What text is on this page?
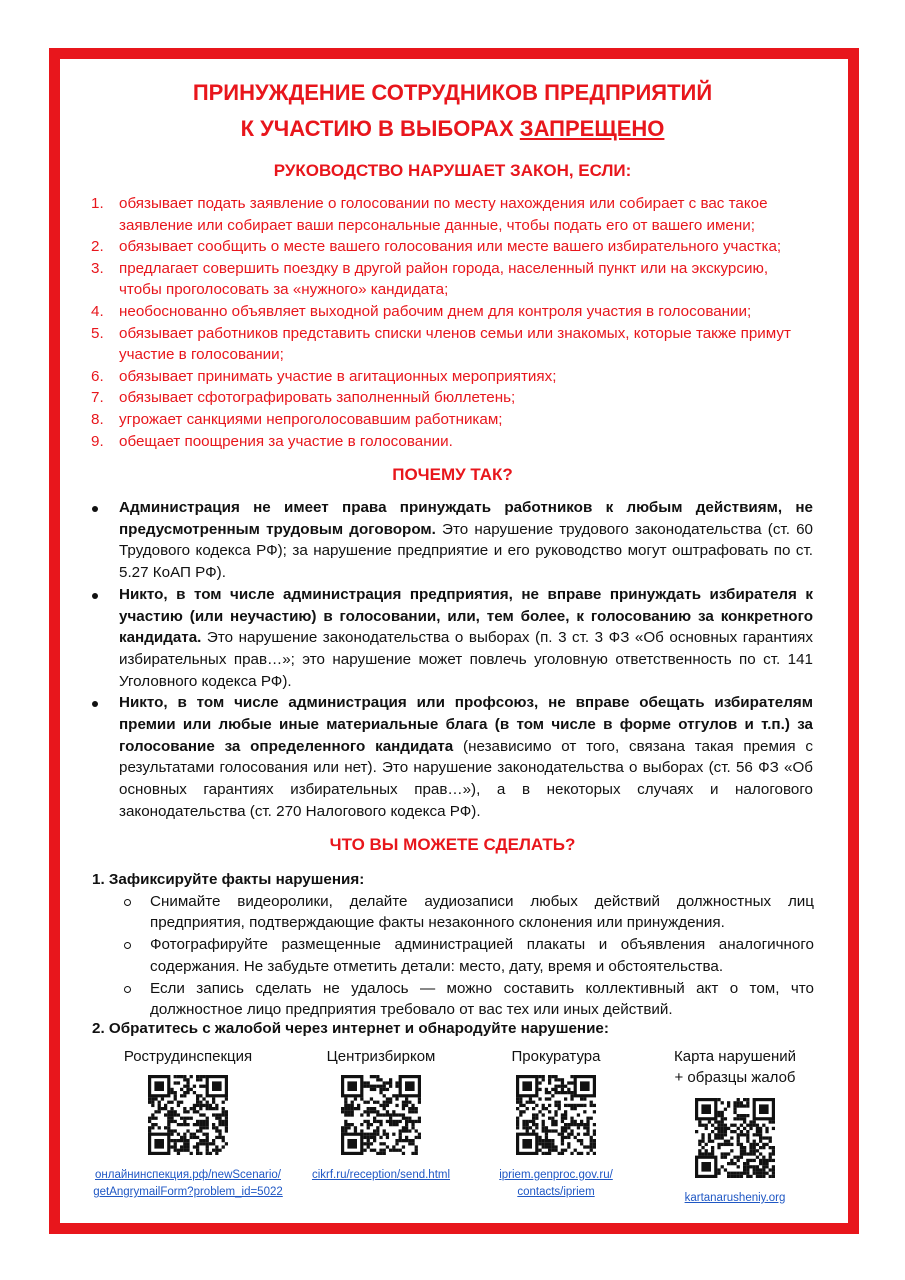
ПРИНУЖДЕНИЕ СОТРУДНИКОВ ПРЕДПРИЯТИЙ
К УЧАСТИЮ В ВЫБОРАХ ЗАПРЕЩЕНО
РУКОВОДСТВО НАРУШАЕТ ЗАКОН, ЕСЛИ:
1. обязывает подать заявление о голосовании по месту нахождения или собирает с вас такое заявление или собирает ваши персональные данные, чтобы подать его от вашего имени;
2. обязывает сообщить о месте вашего голосования или месте вашего избирательного участка;
3. предлагает совершить поездку в другой район города, населенный пункт или на экскурсию, чтобы проголосовать за «нужного» кандидата;
4. необоснованно объявляет выходной рабочим днем для контроля участия в голосовании;
5. обязывает работников представить списки членов семьи или знакомых, которые также примут участие в голосовании;
6. обязывает принимать участие в агитационных мероприятиях;
7. обязывает сфотографировать заполненный бюллетень;
8. угрожает санкциями непроголосовавшим работникам;
9. обещает поощрения за участие в голосовании.
ПОЧЕМУ ТАК?
Администрация не имеет права принуждать работников к любым действиям, не предусмотренным трудовым договором. Это нарушение трудового законодательства (ст. 60 Трудового кодекса РФ); за нарушение предприятие и его руководство могут оштрафовать по ст. 5.27 КоАП РФ).
Никто, в том числе администрация предприятия, не вправе принуждать избирателя к участию (или неучастию) в голосовании, или, тем более, к голосованию за конкретного кандидата. Это нарушение законодательства о выборах (п. 3 ст. 3 ФЗ «Об основных гарантиях избирательных прав…»; это нарушение может повлечь уголовную ответственность по ст. 141 Уголовного кодекса РФ).
Никто, в том числе администрация или профсоюз, не вправе обещать избирателям премии или любые иные материальные блага (в том числе в форме отгулов и т.п.) за голосование за определенного кандидата (независимо от того, связана такая премия с результатами голосования или нет). Это нарушение законодательства о выборах (ст. 56 ФЗ «Об основных гарантиях избирательных прав…»), а в некоторых случаях и налогового законодательства (ст. 270 Налогового кодекса РФ).
ЧТО ВЫ МОЖЕТЕ СДЕЛАТЬ?
1. Зафиксируйте факты нарушения:
Снимайте видеоролики, делайте аудиозаписи любых действий должностных лиц предприятия, подтверждающие факты незаконного склонения или принуждения.
Фотографируйте размещенные администрацией плакаты и объявления аналогичного содержания. Не забудьте отметить детали: место, дату, время и обстоятельства.
Если запись сделать не удалось — можно составить коллективный акт о том, что должностное лицо предприятия требовало от вас тех или иных действий.
2. Обратитесь с жалобой через интернет и обнародуйте нарушение:
Рострудинспекция
онлайнинспекция.рф/newScenario/
getAngrymailForm?problem_id=5022
Центризбирком
cikrf.ru/reception/send.html
Прокуратура
ipriem.genproc.gov.ru/
contacts/ipriem
Карта нарушений
+ образцы жалоб
kartanarusheniy.org
